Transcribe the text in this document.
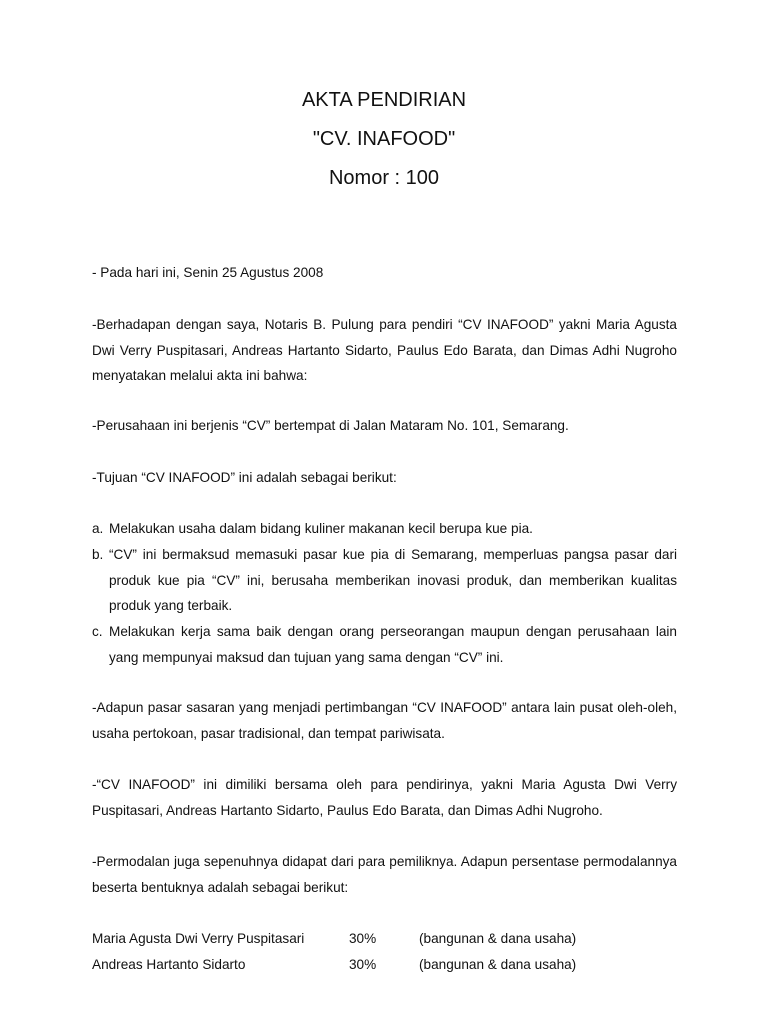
AKTA PENDIRIAN
"CV. INAFOOD"
Nomor : 100

- Pada hari ini, Senin 25 Agustus 2008

-Berhadapan dengan saya, Notaris B. Pulung para pendiri “CV INAFOOD” yakni Maria Agusta Dwi Verry Puspitasari, Andreas Hartanto Sidarto, Paulus Edo Barata, dan Dimas Adhi Nugroho menyatakan melalui akta ini bahwa:

-Perusahaan ini berjenis “CV” bertempat di Jalan Mataram No. 101, Semarang.

-Tujuan “CV INAFOOD” ini adalah sebagai berikut:

a. Melakukan usaha dalam bidang kuliner makanan kecil berupa kue pia.
b. “CV” ini bermaksud memasuki pasar kue pia di Semarang, memperluas pangsa pasar dari produk kue pia “CV” ini, berusaha memberikan inovasi produk, dan memberikan kualitas produk yang terbaik.
c. Melakukan kerja sama baik dengan orang perseorangan maupun dengan perusahaan lain yang mempunyai maksud dan tujuan yang sama dengan “CV” ini.

-Adapun pasar sasaran yang menjadi pertimbangan “CV INAFOOD” antara lain pusat oleh-oleh, usaha pertokoan, pasar tradisional, dan tempat pariwisata.

-“CV INAFOOD” ini dimiliki bersama oleh para pendirinya, yakni Maria Agusta Dwi Verry Puspitasari, Andreas Hartanto Sidarto, Paulus Edo Barata, dan Dimas Adhi Nugroho.

-Permodalan juga sepenuhnya didapat dari para pemiliknya. Adapun persentase permodalannya beserta bentuknya adalah sebagai berikut:

Maria Agusta Dwi Verry Puspitasari	30%	(bangunan & dana usaha)
Andreas Hartanto Sidarto	30%	(bangunan & dana usaha)
